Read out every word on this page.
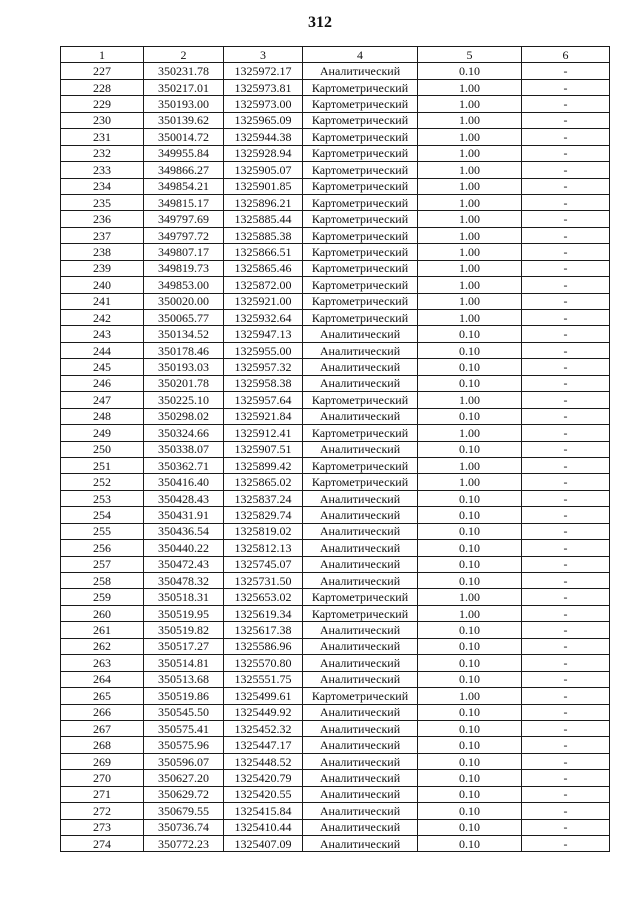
312
1	2	3	4	5	6
227	350231.78	1325972.17	Аналитический	0.10	-
228	350217.01	1325973.81	Картометрический	1.00	-
229	350193.00	1325973.00	Картометрический	1.00	-
230	350139.62	1325965.09	Картометрический	1.00	-
231	350014.72	1325944.38	Картометрический	1.00	-
232	349955.84	1325928.94	Картометрический	1.00	-
233	349866.27	1325905.07	Картометрический	1.00	-
234	349854.21	1325901.85	Картометрический	1.00	-
235	349815.17	1325896.21	Картометрический	1.00	-
236	349797.69	1325885.44	Картометрический	1.00	-
237	349797.72	1325885.38	Картометрический	1.00	-
238	349807.17	1325866.51	Картометрический	1.00	-
239	349819.73	1325865.46	Картометрический	1.00	-
240	349853.00	1325872.00	Картометрический	1.00	-
241	350020.00	1325921.00	Картометрический	1.00	-
242	350065.77	1325932.64	Картометрический	1.00	-
243	350134.52	1325947.13	Аналитический	0.10	-
244	350178.46	1325955.00	Аналитический	0.10	-
245	350193.03	1325957.32	Аналитический	0.10	-
246	350201.78	1325958.38	Аналитический	0.10	-
247	350225.10	1325957.64	Картометрический	1.00	-
248	350298.02	1325921.84	Аналитический	0.10	-
249	350324.66	1325912.41	Картометрический	1.00	-
250	350338.07	1325907.51	Аналитический	0.10	-
251	350362.71	1325899.42	Картометрический	1.00	-
252	350416.40	1325865.02	Картометрический	1.00	-
253	350428.43	1325837.24	Аналитический	0.10	-
254	350431.91	1325829.74	Аналитический	0.10	-
255	350436.54	1325819.02	Аналитический	0.10	-
256	350440.22	1325812.13	Аналитический	0.10	-
257	350472.43	1325745.07	Аналитический	0.10	-
258	350478.32	1325731.50	Аналитический	0.10	-
259	350518.31	1325653.02	Картометрический	1.00	-
260	350519.95	1325619.34	Картометрический	1.00	-
261	350519.82	1325617.38	Аналитический	0.10	-
262	350517.27	1325586.96	Аналитический	0.10	-
263	350514.81	1325570.80	Аналитический	0.10	-
264	350513.68	1325551.75	Аналитический	0.10	-
265	350519.86	1325499.61	Картометрический	1.00	-
266	350545.50	1325449.92	Аналитический	0.10	-
267	350575.41	1325452.32	Аналитический	0.10	-
268	350575.96	1325447.17	Аналитический	0.10	-
269	350596.07	1325448.52	Аналитический	0.10	-
270	350627.20	1325420.79	Аналитический	0.10	-
271	350629.72	1325420.55	Аналитический	0.10	-
272	350679.55	1325415.84	Аналитический	0.10	-
273	350736.74	1325410.44	Аналитический	0.10	-
274	350772.23	1325407.09	Аналитический	0.10	-
